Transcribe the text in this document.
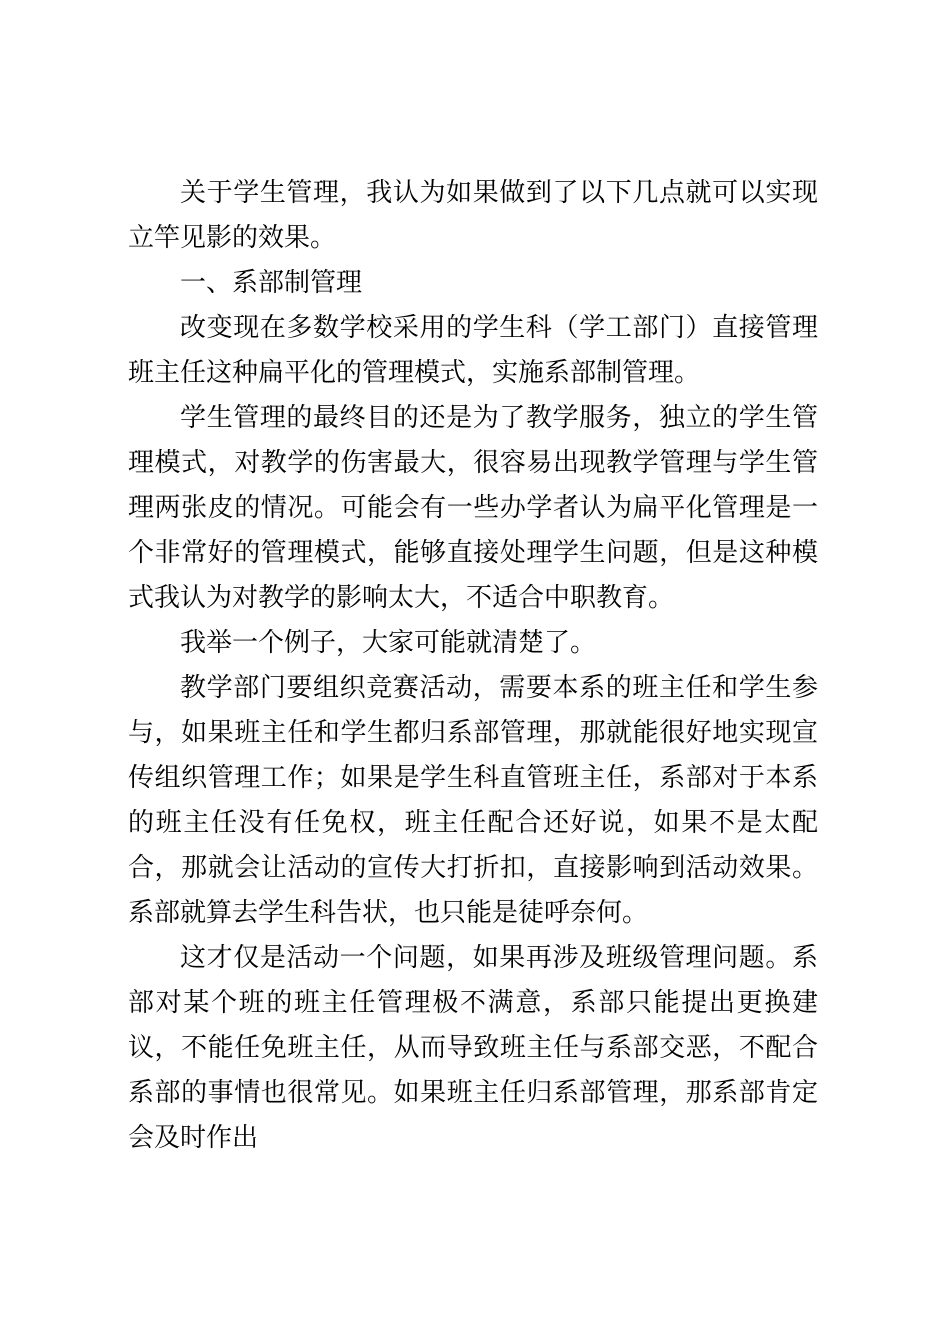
关于学生管理，我认为如果做到了以下几点就可以实现立竿见影的效果。

一、系部制管理

改变现在多数学校采用的学生科（学工部门）直接管理班主任这种扁平化的管理模式，实施系部制管理。

学生管理的最终目的还是为了教学服务，独立的学生管理模式，对教学的伤害最大，很容易出现教学管理与学生管理两张皮的情况。可能会有一些办学者认为扁平化管理是一个非常好的管理模式，能够直接处理学生问题，但是这种模式我认为对教学的影响太大，不适合中职教育。

我举一个例子，大家可能就清楚了。

教学部门要组织竞赛活动，需要本系的班主任和学生参与，如果班主任和学生都归系部管理，那就能很好地实现宣传组织管理工作；如果是学生科直管班主任，系部对于本系的班主任没有任免权，班主任配合还好说，如果不是太配合，那就会让活动的宣传大打折扣，直接影响到活动效果。系部就算去学生科告状，也只能是徒呼奈何。

这才仅是活动一个问题，如果再涉及班级管理问题。系部对某个班的班主任管理极不满意，系部只能提出更换建议，不能任免班主任，从而导致班主任与系部交恶，不配合系部的事情也很常见。如果班主任归系部管理，那系部肯定会及时作出
